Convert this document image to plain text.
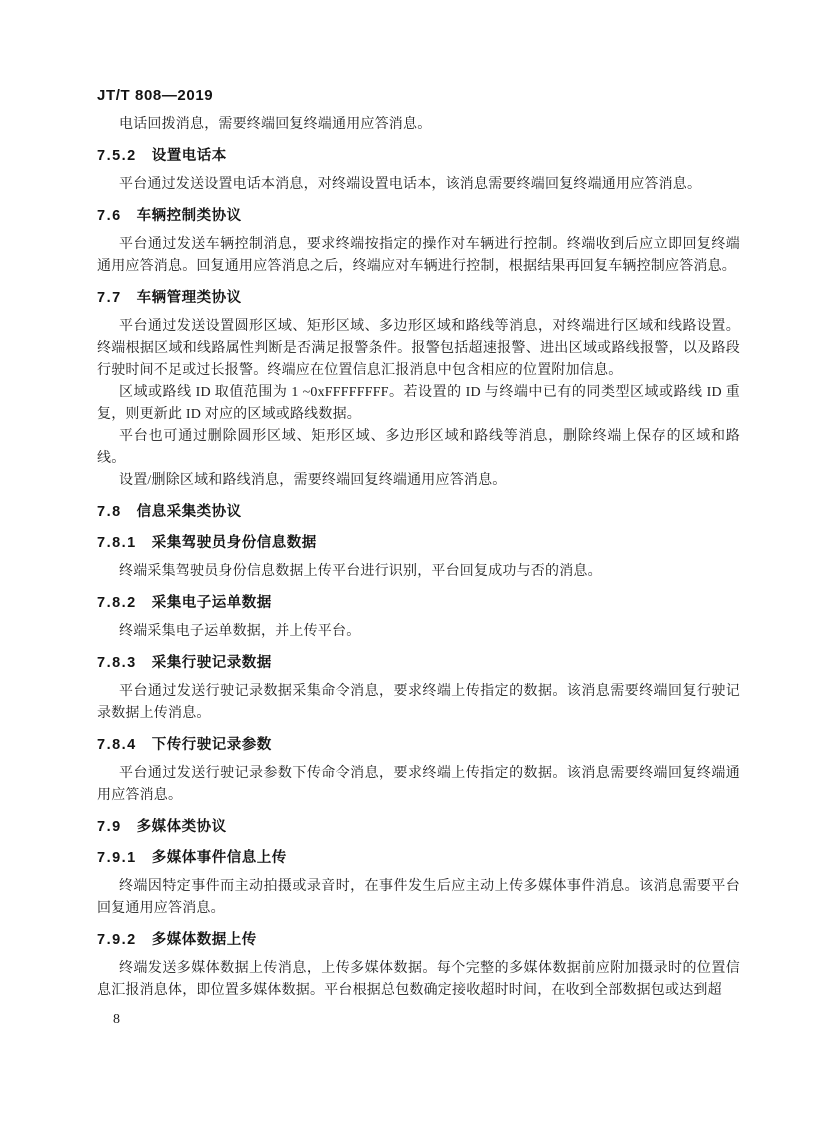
JT/T 808—2019

电话回拨消息，需要终端回复终端通用应答消息。

7.5.2 设置电话本

平台通过发送设置电话本消息，对终端设置电话本，该消息需要终端回复终端通用应答消息。

7.6 车辆控制类协议

平台通过发送车辆控制消息，要求终端按指定的操作对车辆进行控制。终端收到后应立即回复终端通用应答消息。回复通用应答消息之后，终端应对车辆进行控制，根据结果再回复车辆控制应答消息。

7.7 车辆管理类协议

平台通过发送设置圆形区域、矩形区域、多边形区域和路线等消息，对终端进行区域和线路设置。终端根据区域和线路属性判断是否满足报警条件。报警包括超速报警、进出区域或路线报警，以及路段行驶时间不足或过长报警。终端应在位置信息汇报消息中包含相应的位置附加信息。

区域或路线 ID 取值范围为 1 ~0xFFFFFFFF。若设置的 ID 与终端中已有的同类型区域或路线 ID 重复，则更新此 ID 对应的区域或路线数据。

平台也可通过删除圆形区域、矩形区域、多边形区域和路线等消息，删除终端上保存的区域和路线。

设置/删除区域和路线消息，需要终端回复终端通用应答消息。

7.8 信息采集类协议
7.8.1 采集驾驶员身份信息数据

终端采集驾驶员身份信息数据上传平台进行识别，平台回复成功与否的消息。

7.8.2 采集电子运单数据

终端采集电子运单数据，并上传平台。

7.8.3 采集行驶记录数据

平台通过发送行驶记录数据采集命令消息，要求终端上传指定的数据。该消息需要终端回复行驶记录数据上传消息。

7.8.4 下传行驶记录参数

平台通过发送行驶记录参数下传命令消息，要求终端上传指定的数据。该消息需要终端回复终端通用应答消息。

7.9 多媒体类协议
7.9.1 多媒体事件信息上传

终端因特定事件而主动拍摄或录音时，在事件发生后应主动上传多媒体事件消息。该消息需要平台回复通用应答消息。

7.9.2 多媒体数据上传

终端发送多媒体数据上传消息，上传多媒体数据。每个完整的多媒体数据前应附加摄录时的位置信息汇报消息体，即位置多媒体数据。平台根据总包数确定接收超时时间，在收到全部数据包或达到超

8
